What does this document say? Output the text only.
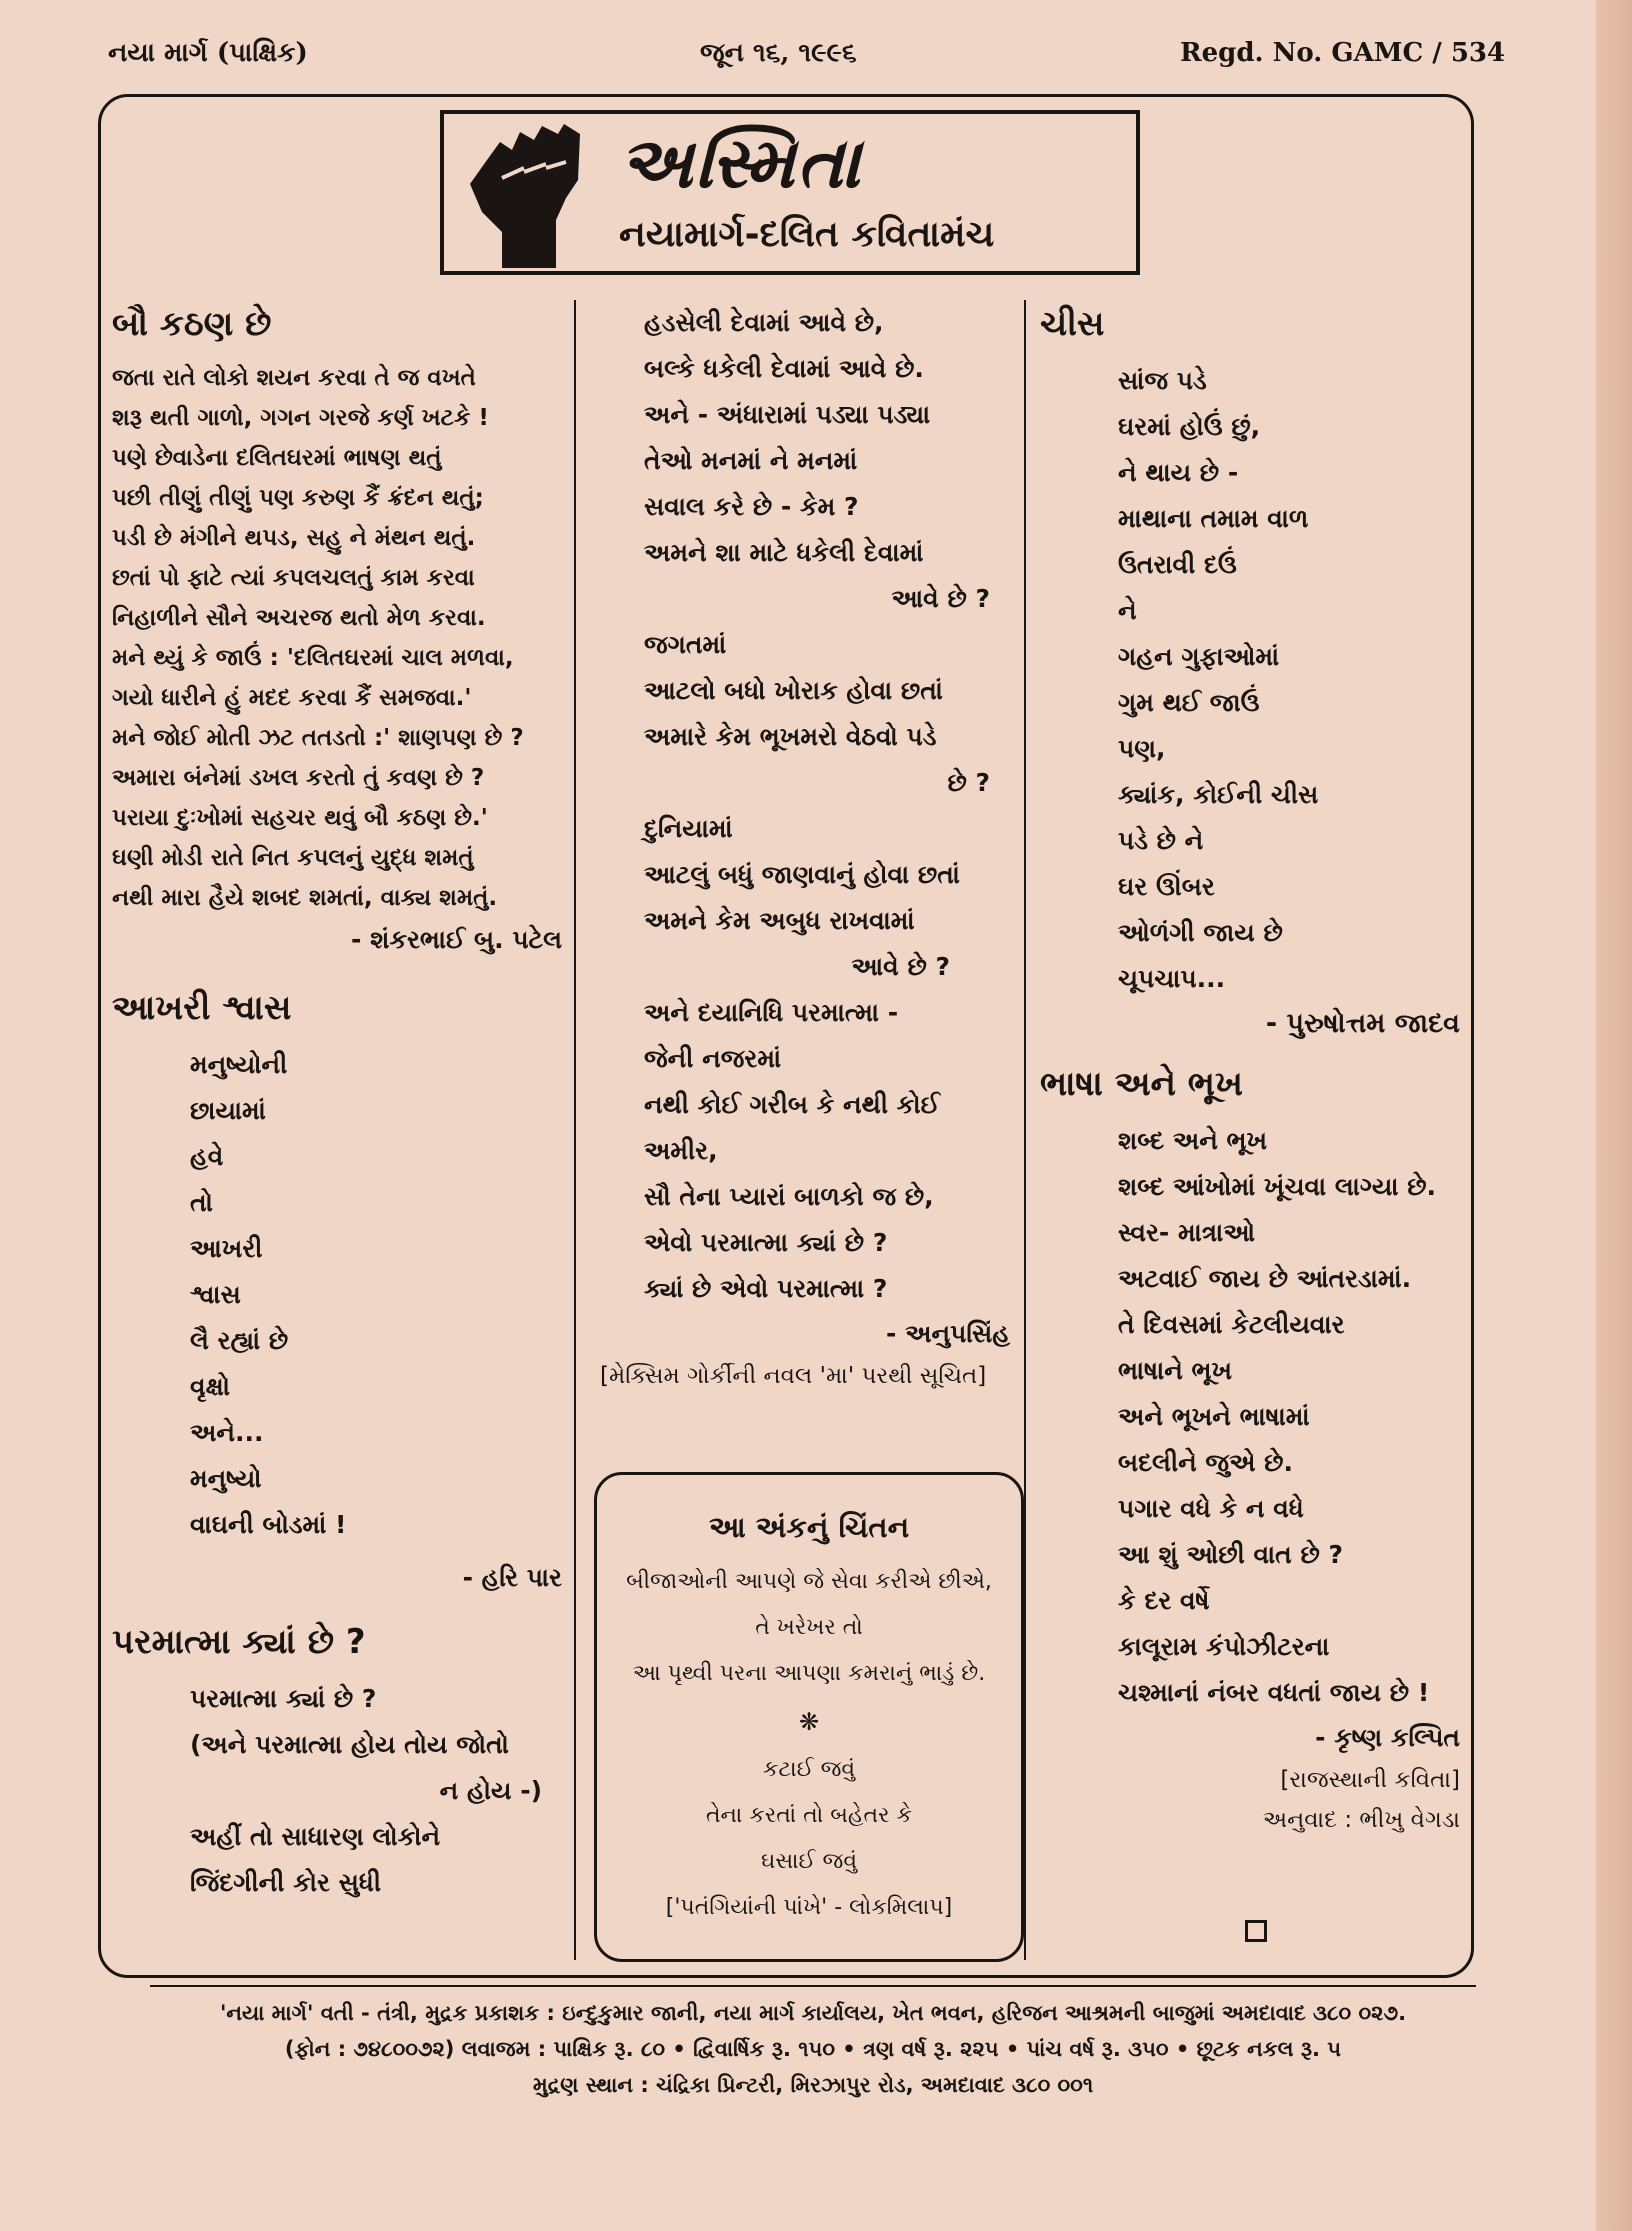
નયા માર્ગ (પાક્ષિક)	જૂન ૧૬, ૧૯૯૬	Regd. No. GAMC / 534
અસ્મિતા
નયામાર્ગ-દલિત કવિતામંચ
બૌ કઠણ છે
જતા રાતે લોકો શયન કરવા તે જ વખતે
શરૂ થતી ગાળો, ગગન ગરજે કર્ણ ખટકે !
પણે છેવાડેના દલિતઘરમાં ભાષણ થતું
પછી તીણું તીણું પણ કરુણ કૈં ક્રંદન થતું;
પડી છે મંગીને થપડ, સહુ ને મંથન થતું.
છતાં પો ફાટે ત્યાં કપલચલતું કામ કરવા
નિહાળીને સૌને અચરજ થતો મેળ કરવા.
મને થ્યું કે જાઉં : 'દલિતઘરમાં ચાલ મળવા,
ગયો ધારીને હું મદદ કરવા કૈં સમજવા.'
મને જોઈ મોતી ઝટ તતડતો :' શાણપણ છે ?
અમારા બંનેમાં ડખલ કરતો તું કવણ છે ?
પરાયા દુઃખોમાં સહચર થવું બૌ કઠણ છે.'
ઘણી મોડી રાતે નિત કપલનું યુદ્ધ શમતું
નથી મારા હૈયે શબદ શમતાં, વાક્ય શમતું.
- શંકરભાઈ બુ. પટેલ
આખરી શ્વાસ
મનુષ્યોની
છાયામાં
હવે
તો
આખરી
શ્વાસ
લૈ રહ્યાં છે
વૃક્ષો
અને...
મનુષ્યો
વાઘની બોડમાં !
- હરિ પાર
પરમાત્મા ક્યાં છે ?
પરમાત્મા ક્યાં છે ?
(અને પરમાત્મા હોય તોય જોતો
ન હોય -)
અહીં તો સાધારણ લોકોને
જિંદગીની કોર સુધી
હડસેલી દેવામાં આવે છે,
બલ્કે ધકેલી દેવામાં આવે છે.
અને - અંધારામાં પડ્યા પડ્યા
તેઓ મનમાં ને મનમાં
સવાલ કરે છે - કેમ ?
અમને શા માટે ધકેલી દેવામાં
આવે છે ?
જગતમાં
આટલો બધો ખોરાક હોવા છતાં
અમારે કેમ ભૂખમરો વેઠવો પડે
છે ?
દુનિયામાં
આટલું બધું જાણવાનું હોવા છતાં
અમને કેમ અબુધ રાખવામાં
આવે છે ?
અને દયાનિધિ પરમાત્મા -
જેની નજરમાં
નથી કોઈ ગરીબ કે નથી કોઈ
અમીર,
સૌ તેના પ્યારાં બાળકો જ છે,
એવો પરમાત્મા ક્યાં છે ?
ક્યાં છે એવો પરમાત્મા ?
- અનુપસિંહ
[મેક્સિમ ગોર્કીની નવલ 'મા' પરથી સૂચિત]
આ અંકનું ચિંતન
બીજાઓની આપણે જે સેવા કરીએ છીએ,
તે ખરેખર તો
આ પૃથ્વી પરના આપણા કમરાનું ભાડું છે.
❋
કટાઈ જવું
તેના કરતાં તો બહેતર કે
ઘસાઈ જવું
['પતંગિયાંની પાંખે' - લોકમિલાપ]
ચીસ
સાંજ પડે
ઘરમાં હોઉં છું,
ને થાય છે -
માથાના તમામ વાળ
ઉતરાવી દઉં
ને
ગહન ગુફાઓમાં
ગુમ થઈ જાઉં
પણ,
ક્યાંક, કોઈની ચીસ
પડે છે ને
ઘર ઊંબર
ઓળંગી જાય છે
ચૂપચાપ...
- પુરુષોત્તમ જાદવ
ભાષા અને ભૂખ
શબ્દ અને ભૂખ
શબ્દ આંખોમાં ખૂંચવા લાગ્યા છે.
સ્વર- માત્રાઓ
અટવાઈ જાય છે આંતરડામાં.
તે દિવસમાં કેટલીયવાર
ભાષાને ભૂખ
અને ભૂખને ભાષામાં
બદલીને જુએ છે.
પગાર વધે કે ન વધે
આ શું ઓછી વાત છે ?
કે દર વર્ષે
કાલૂરામ કંપોઝીટરના
ચશ્માનાં નંબર વધતાં જાય છે !
- કૃષ્ણ કલ્પિત
[રાજસ્થાની કવિતા]
અનુવાદ : ભીખુ વેગડા
'નયા માર્ગ' વતી - તંત્રી, મુદ્રક પ્રકાશક : ઇન્દુકુમાર જાની, નયા માર્ગ કાર્યાલય, ખેત ભવન, હરિજન આશ્રમની બાજુમાં અમદાવાદ ૩૮૦ ૦૨૭.
(ફોન : ૭૪૮૦૦૭૨) લવાજમ : પાક્ષિક રૂ. ૮૦ • દ્વિવાર્ષિક રૂ. ૧૫૦ • ત્રણ વર્ષ રૂ. ૨૨૫ • પાંચ વર્ષ રૂ. ૩૫૦ • છૂટક નકલ રૂ. ૫
મુદ્રણ સ્થાન : ચંદ્રિકા પ્રિન્ટરી, મિરઝાપુર રોડ, અમદાવાદ ૩૮૦ ૦૦૧
